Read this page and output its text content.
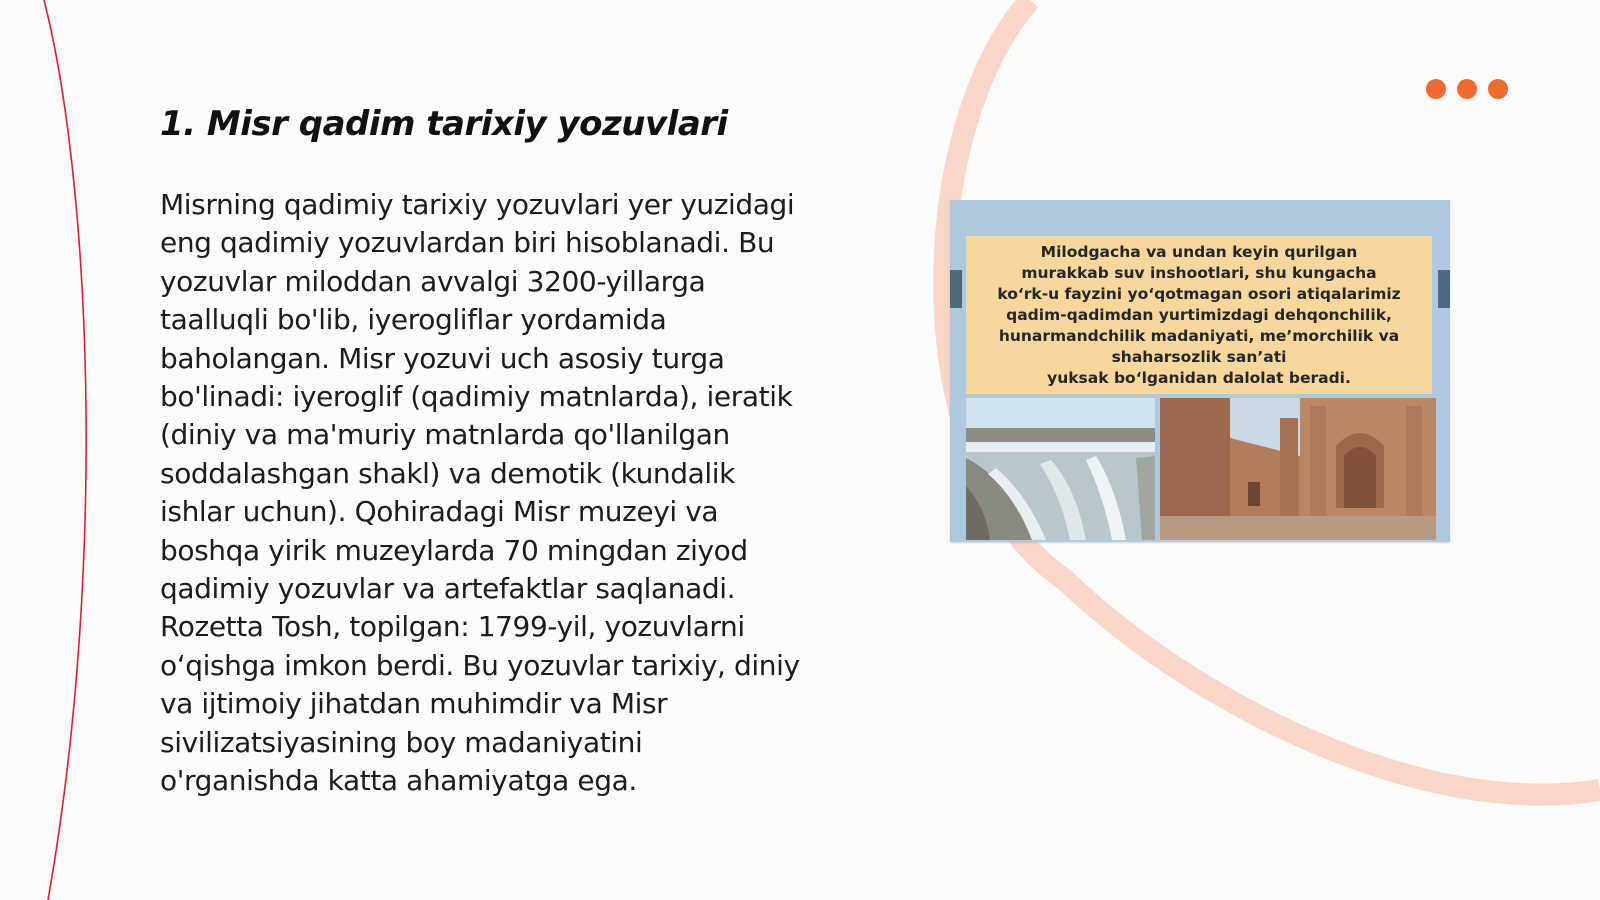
1. Misr qadim tarixiy yozuvlari

Misrning qadimiy tarixiy yozuvlari yer yuzidagi eng qadimiy yozuvlardan biri hisoblanadi. Bu yozuvlar miloddan avvalgi 3200-yillarga taalluqli bo'lib, iyerogliflar yordamida baholangan. Misr yozuvi uch asosiy turga bo'linadi: iyeroglif (qadimiy matnlarda), ieratik (diniy va ma'muriy matnlarda qo'llanilgan soddalashgan shakl) va demotik (kundalik ishlar uchun). Qohiradagi Misr muzeyi va boshqa yirik muzeylarda 70 mingdan ziyod qadimiy yozuvlar va artefaktlar saqlanadi. Rozetta Tosh, topilgan: 1799-yil, yozuvlarni o‘qishga imkon berdi. Bu yozuvlar tarixiy, diniy va ijtimoiy jihatdan muhimdir va Misr sivilizatsiyasining boy madaniyatini o'rganishda katta ahamiyatga ega.

Milodgacha va undan keyin qurilgan
murakkab suv inshootlari, shu kungacha
ko‘rk-u fayzini yo‘qotmagan osori atiqalarimiz
qadim-qadimdan yurtimizdagi dehqonchilik,
hunarmandchilik madaniyati, me’morchilik va
shaharsozlik san’ati
yuksak bo‘lganidan dalolat beradi.
